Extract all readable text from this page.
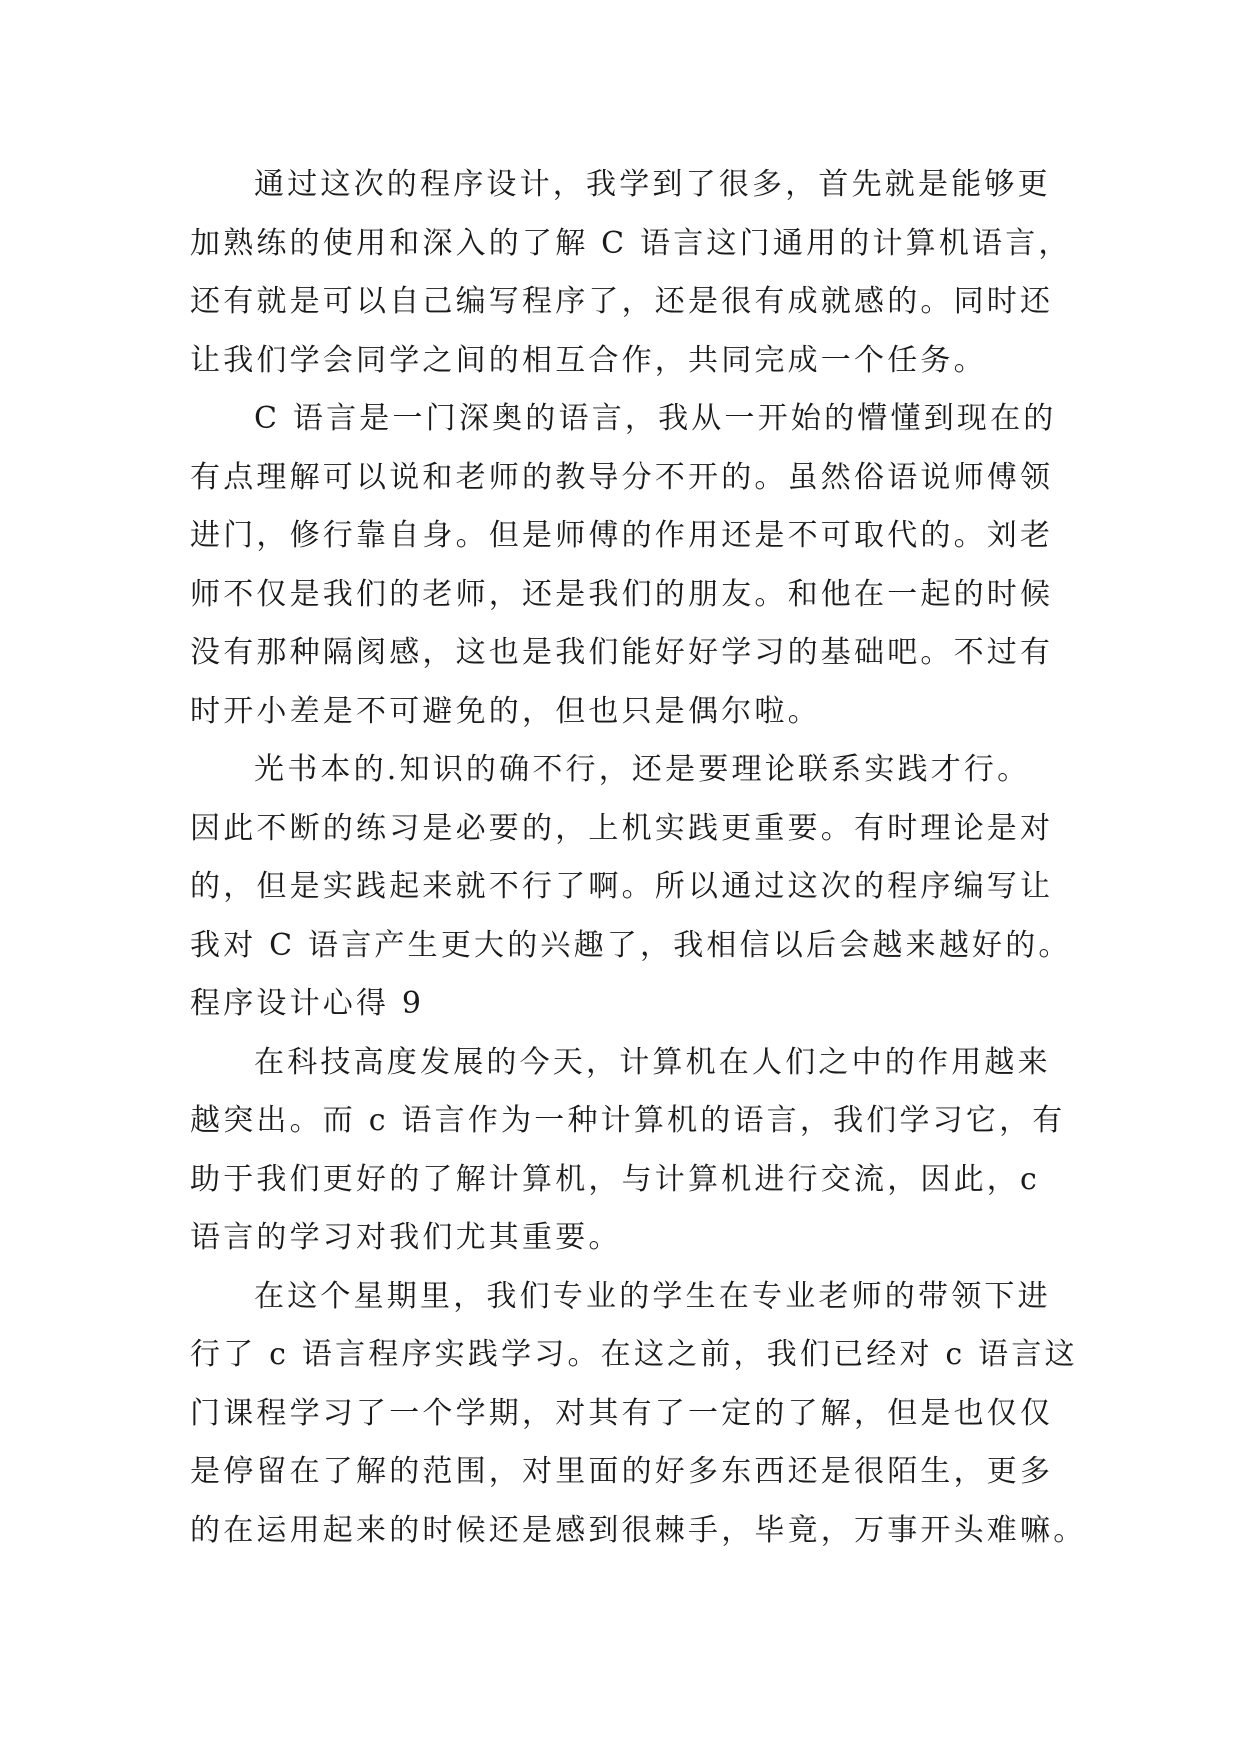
通过这次的程序设计，我学到了很多，首先就是能够更
加熟练的使用和深入的了解 C 语言这门通用的计算机语言，
还有就是可以自己编写程序了，还是很有成就感的。同时还
让我们学会同学之间的相互合作，共同完成一个任务。
C 语言是一门深奥的语言，我从一开始的懵懂到现在的
有点理解可以说和老师的教导分不开的。虽然俗语说师傅领
进门，修行靠自身。但是师傅的作用还是不可取代的。刘老
师不仅是我们的老师，还是我们的朋友。和他在一起的时候
没有那种隔阂感，这也是我们能好好学习的基础吧。不过有
时开小差是不可避免的，但也只是偶尔啦。
光书本的.知识的确不行，还是要理论联系实践才行。
因此不断的练习是必要的，上机实践更重要。有时理论是对
的，但是实践起来就不行了啊。所以通过这次的程序编写让
我对 C 语言产生更大的兴趣了，我相信以后会越来越好的。
程序设计心得 9
在科技高度发展的今天，计算机在人们之中的作用越来
越突出。而 c 语言作为一种计算机的语言，我们学习它，有
助于我们更好的了解计算机，与计算机进行交流，因此，c
语言的学习对我们尤其重要。
在这个星期里，我们专业的学生在专业老师的带领下进
行了 c 语言程序实践学习。在这之前，我们已经对 c 语言这
门课程学习了一个学期，对其有了一定的了解，但是也仅仅
是停留在了解的范围，对里面的好多东西还是很陌生，更多
的在运用起来的时候还是感到很棘手，毕竟，万事开头难嘛。
